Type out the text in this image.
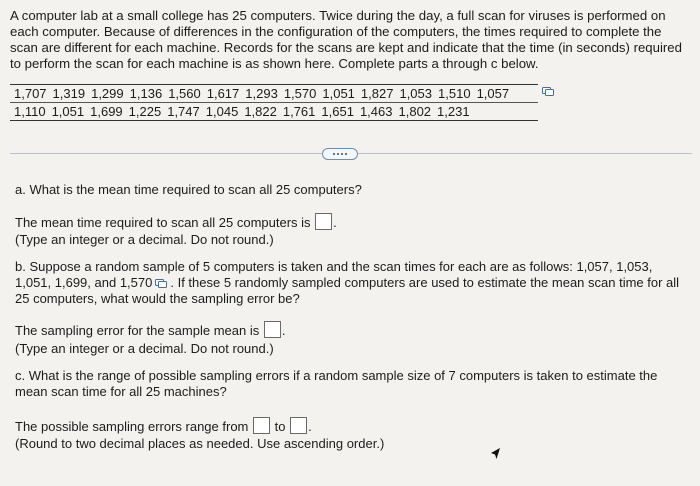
A computer lab at a small college has 25 computers. Twice during the day, a full scan for viruses is performed on each computer. Because of differences in the configuration of the computers, the times required to complete the scan are different for each machine. Records for the scans are kept and indicate that the time (in seconds) required to perform the scan for each machine is as shown here. Complete parts a through c below.
1,707 1,319 1,299 1,136 1,560 1,617 1,293 1,570 1,051 1,827 1,053 1,510 1,057
1,110 1,051 1,699 1,225 1,747 1,045 1,822 1,761 1,651 1,463 1,802 1,231
a. What is the mean time required to scan all 25 computers?
The mean time required to scan all 25 computers is .
(Type an integer or a decimal. Do not round.)
b. Suppose a random sample of 5 computers is taken and the scan times for each are as follows: 1,057, 1,053, 1,051, 1,699, and 1,570 . If these 5 randomly sampled computers are used to estimate the mean scan time for all 25 computers, what would the sampling error be?
The sampling error for the sample mean is .
(Type an integer or a decimal. Do not round.)
c. What is the range of possible sampling errors if a random sample size of 7 computers is taken to estimate the mean scan time for all 25 machines?
The possible sampling errors range from to .
(Round to two decimal places as needed. Use ascending order.)
